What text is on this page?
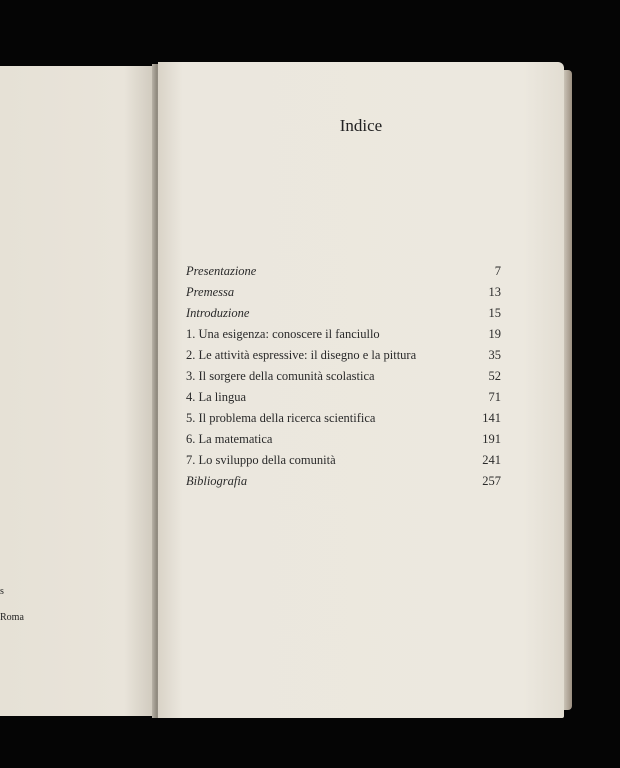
s
Roma
Indice
Presentazione	7
Premessa	13
Introduzione	15
1. Una esigenza: conoscere il fanciullo	19
2. Le attività espressive: il disegno e la pittura	35
3. Il sorgere della comunità scolastica	52
4. La lingua	71
5. Il problema della ricerca scientifica	141
6. La matematica	191
7. Lo sviluppo della comunità	241
Bibliografia	257
